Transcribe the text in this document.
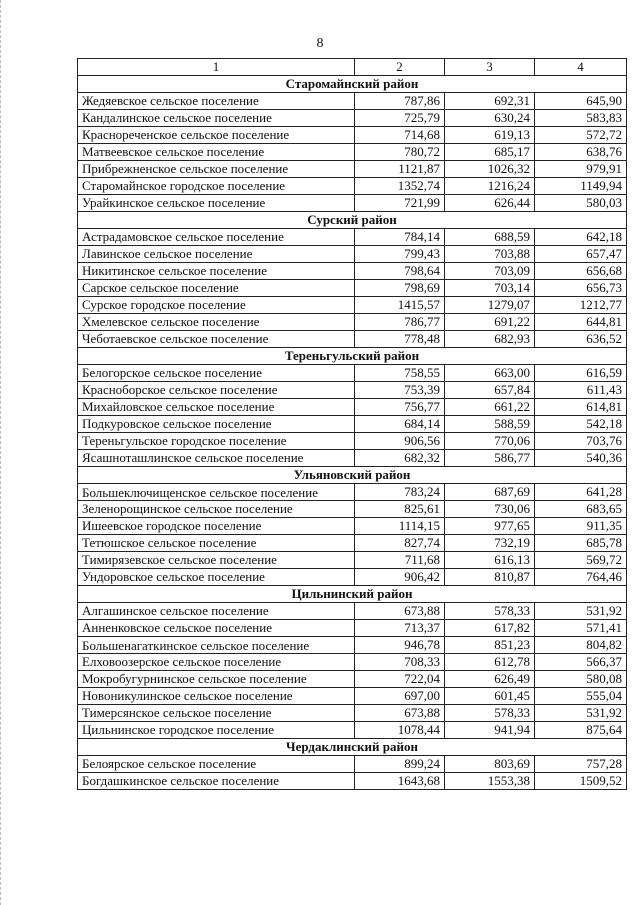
8
1	2	3	4
Старомайнский район			
Жедяевское сельское поселение	787,86	692,31	645,90
Кандалинское сельское поселение	725,79	630,24	583,83
Краснореченское сельское поселение	714,68	619,13	572,72
Матвеевское сельское поселение	780,72	685,17	638,76
Прибрежненское сельское поселение	1121,87	1026,32	979,91
Старомайнское городское поселение	1352,74	1216,24	1149,94
Урайкинское сельское поселение	721,99	626,44	580,03
Сурский район			
Астрадамовское сельское поселение	784,14	688,59	642,18
Лавинское сельское поселение	799,43	703,88	657,47
Никитинское сельское поселение	798,64	703,09	656,68
Сарское сельское поселение	798,69	703,14	656,73
Сурское городское поселение	1415,57	1279,07	1212,77
Хмелевское сельское поселение	786,77	691,22	644,81
Чеботаевское сельское поселение	778,48	682,93	636,52
Тереньгульский район			
Белогорское сельское поселение	758,55	663,00	616,59
Красноборское сельское поселение	753,39	657,84	611,43
Михайловское сельское поселение	756,77	661,22	614,81
Подкуровское сельское поселение	684,14	588,59	542,18
Тереньгульское городское поселение	906,56	770,06	703,76
Ясашноташлинское сельское поселение	682,32	586,77	540,36
Ульяновский район			
Большеключищенское сельское поселение	783,24	687,69	641,28
Зеленорощинское сельское поселение	825,61	730,06	683,65
Ишеевское городское поселение	1114,15	977,65	911,35
Тетюшское сельское поселение	827,74	732,19	685,78
Тимирязевское сельское поселение	711,68	616,13	569,72
Ундоровское сельское поселение	906,42	810,87	764,46
Цильнинский район			
Алгашинское сельское поселение	673,88	578,33	531,92
Анненковское сельское поселение	713,37	617,82	571,41
Большенагаткинское сельское поселение	946,78	851,23	804,82
Елховоозерское сельское поселение	708,33	612,78	566,37
Мокробугурнинское сельское поселение	722,04	626,49	580,08
Новоникулинское сельское поселение	697,00	601,45	555,04
Тимерсянское сельское поселение	673,88	578,33	531,92
Цильнинское городское поселение	1078,44	941,94	875,64
Чердаклинский район			
Белоярское сельское поселение	899,24	803,69	757,28
Богдашкинское сельское поселение	1643,68	1553,38	1509,52
